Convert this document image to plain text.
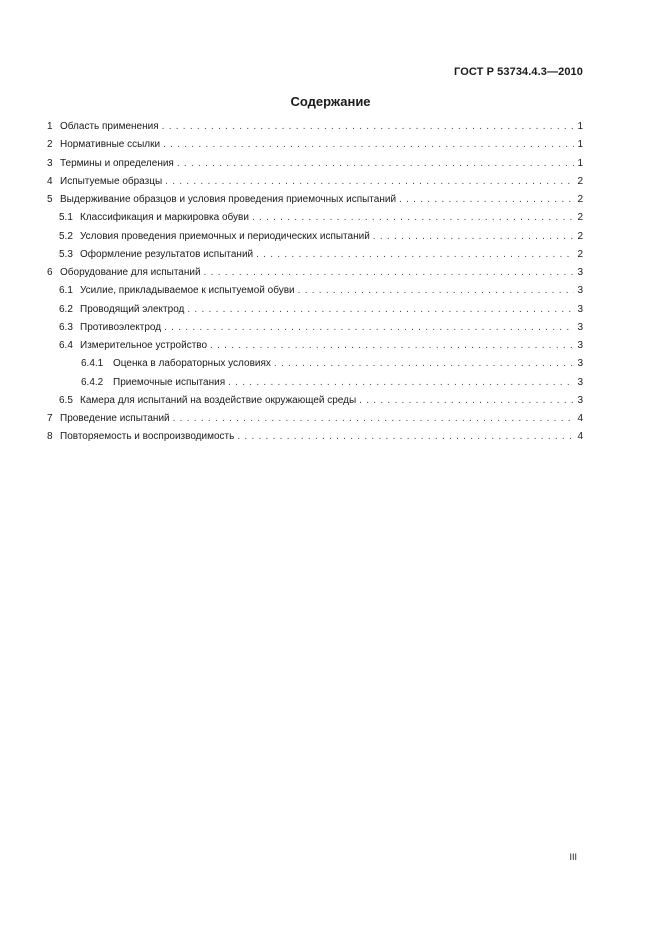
ГОСТ Р 53734.4.3—2010
Содержание
1 Область применения . . .	1
2 Нормативные ссылки . . .	1
3 Термины и определения . . .	1
4 Испытуемые образцы . . .	2
5 Выдерживание образцов и условия проведения приемочных испытаний . . .	2
5.1 Классификация и маркировка обуви . . .	2
5.2 Условия проведения приемочных и периодических испытаний . . .	2
5.3 Оформление результатов испытаний . . .	2
6 Оборудование для испытаний . . .	3
6.1 Усилие, прикладываемое к испытуемой обуви . . .	3
6.2 Проводящий электрод . . .	3
6.3 Противоэлектрод . . .	3
6.4 Измерительное устройство . . .	3
6.4.1 Оценка в лабораторных условиях . . .	3
6.4.2 Приемочные испытания . . .	3
6.5 Камера для испытаний на воздействие окружающей среды . . .	3
7 Проведение испытаний . . .	4
8 Повторяемость и воспроизводимость . . .	4
III
